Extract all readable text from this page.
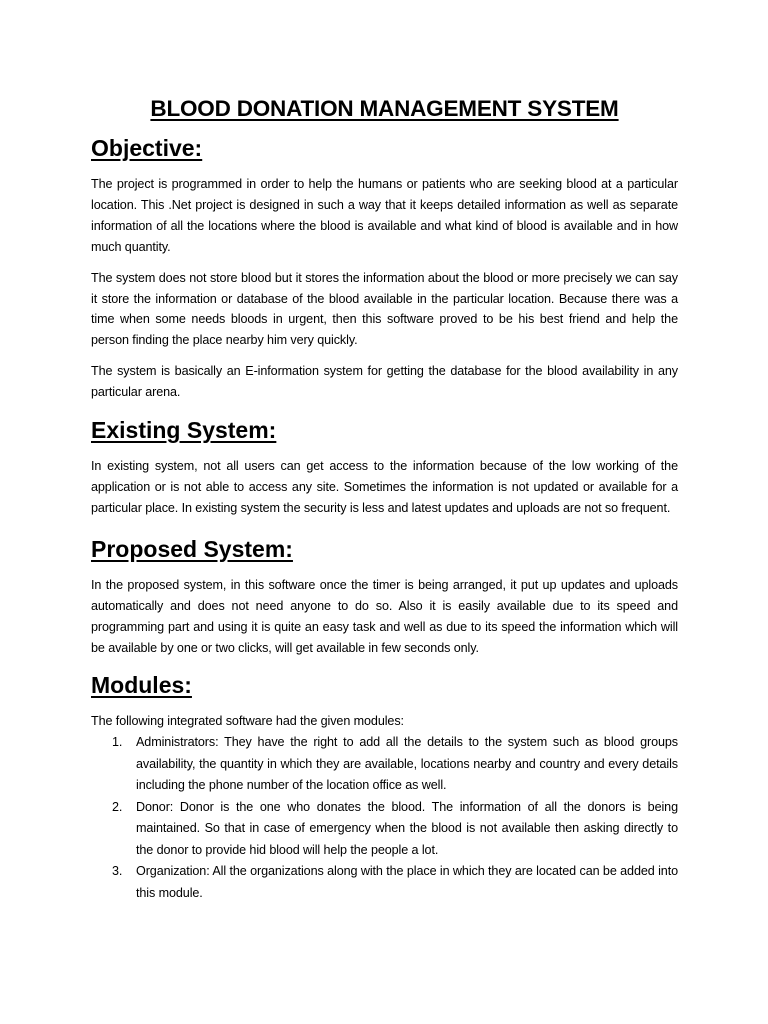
BLOOD DONATION MANAGEMENT SYSTEM
Objective:

The project is programmed in order to help the humans or patients who are seeking blood at a particular location. This .Net project is designed in such a way that it keeps detailed information as well as separate information of all the locations where the blood is available and what kind of blood is available and in how much quantity.

The system does not store blood but it stores the information about the blood or more precisely we can say it store the information or database of the blood available in the particular location. Because there was a time when some needs bloods in urgent, then this software proved to be his best friend and help the person finding the place nearby him very quickly.

The system is basically an E-information system for getting the database for the blood availability in any particular arena.

Existing System:

In existing system, not all users can get access to the information because of the low working of the application or is not able to access any site. Sometimes the information is not updated or available for a particular place. In existing system the security is less and latest updates and uploads are not so frequent.

Proposed System:

In the proposed system, in this software once the timer is being arranged, it put up updates and uploads automatically and does not need anyone to do so. Also it is easily available due to its speed and programming part and using it is quite an easy task and well as due to its speed the information which will be available by one or two clicks, will get available in few seconds only.

Modules:

The following integrated software had the given modules:

1. Administrators: They have the right to add all the details to the system such as blood groups availability, the quantity in which they are available, locations nearby and country and every details including the phone number of the location office as well.
2. Donor: Donor is the one who donates the blood. The information of all the donors is being maintained. So that in case of emergency when the blood is not available then asking directly to the donor to provide hid blood will help the people a lot.
3. Organization: All the organizations along with the place in which they are located can be added into this module.
